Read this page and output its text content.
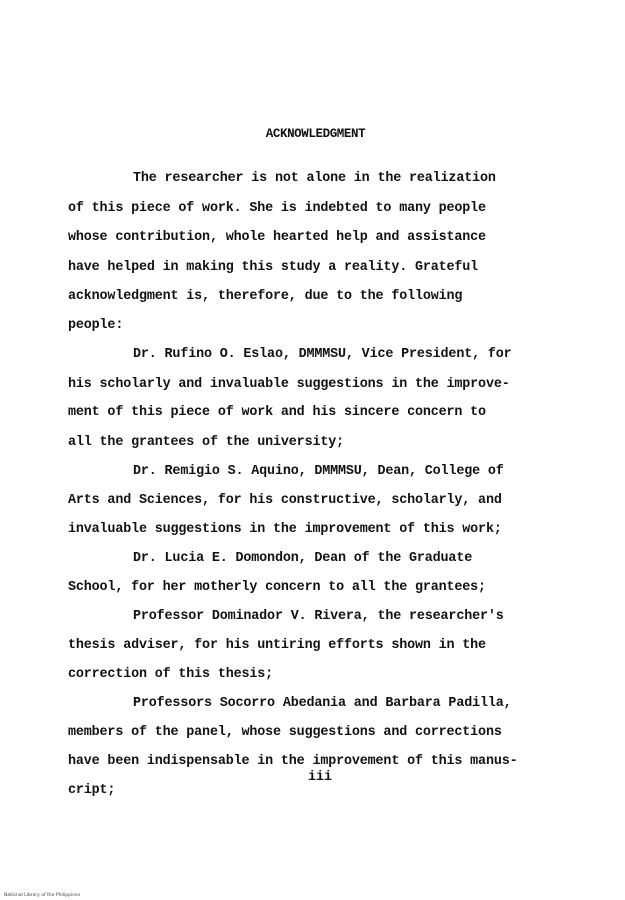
ACKNOWLEDGMENT
The researcher is not alone in the realization
of this piece of work. She is indebted to many people
whose contribution, whole hearted help and assistance
have helped in making this study a reality. Grateful
acknowledgment is, therefore, due to the following
people:
Dr. Rufino O. Eslao, DMMMSU, Vice President, for
his scholarly and invaluable suggestions in the improve-
ment of this piece of work and his sincere concern to
all the grantees of the university;
Dr. Remigio S. Aquino, DMMMSU, Dean, College of
Arts and Sciences, for his constructive, scholarly, and
invaluable suggestions in the improvement of this work;
Dr. Lucia E. Domondon, Dean of the Graduate
School, for her motherly concern to all the grantees;
Professor Dominador V. Rivera, the researcher's
thesis adviser, for his untiring efforts shown in the
correction of this thesis;
Professors Socorro Abedania and Barbara Padilla,
members of the panel, whose suggestions and corrections
have been indispensable in the improvement of this manus-
cript;
iii
National Library of the Philippines
